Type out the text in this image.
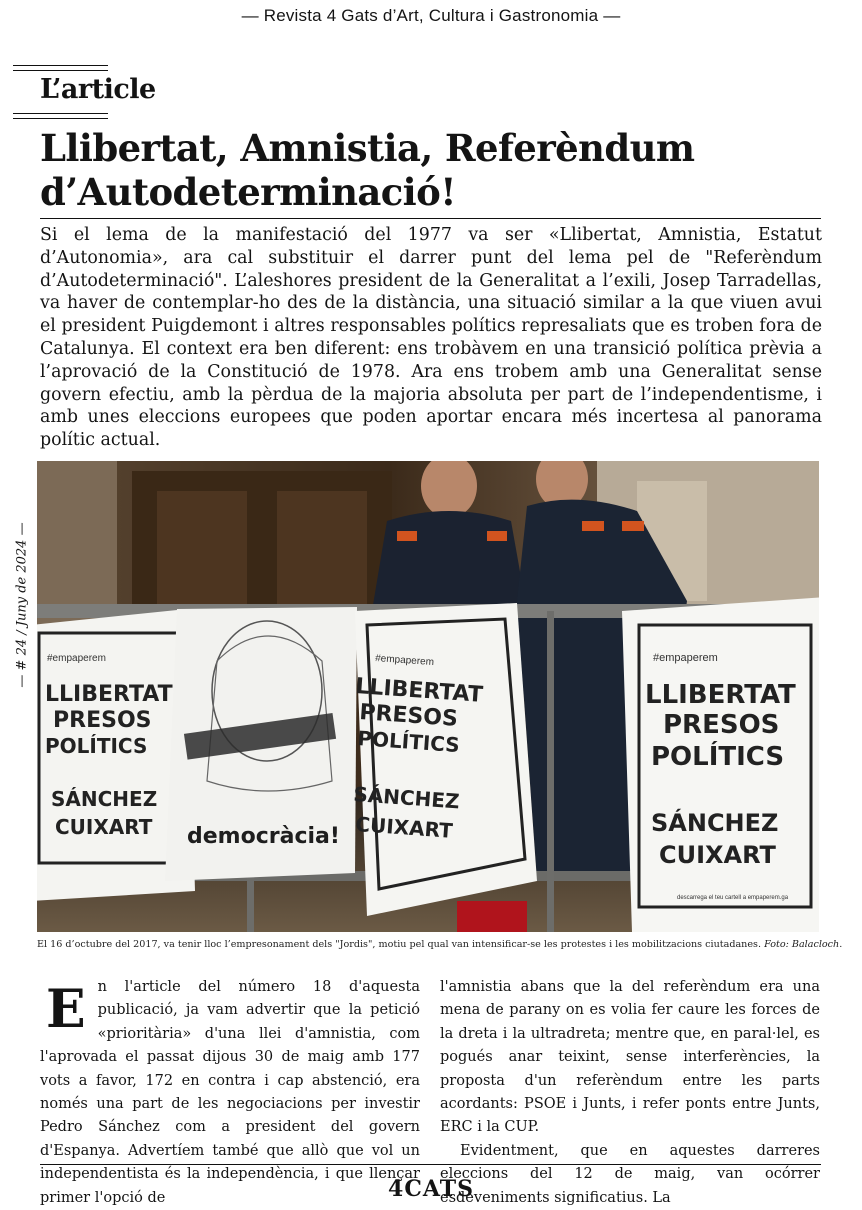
— Revista 4 Gats d’Art, Cultura i Gastronomia —
L’article
Llibertat, Amnistia, Referèndum d’Autodeterminació!

Si el lema de la manifestació del 1977 va ser «Llibertat, Amnistia, Estatut d’Autonomia», ara cal substituir el darrer punt del lema pel de "Referèndum d’Autodeterminació". L’aleshores president de la Generalitat a l’exili, Josep Tarradellas, va haver de contemplar-ho des de la distància, una situació similar a la que viuen avui el president Puigdemont i altres responsables polítics represaliats que es troben fora de Catalunya. El context era ben diferent: ens trobàvem en una transició política prèvia a l’aprovació de la Constitució de 1978. Ara ens trobem amb una Generalitat sense govern efectiu, amb la pèrdua de la majoria absoluta per part de l’independentisme, i amb unes eleccions europees que poden aportar encara més incertesa al panorama polític actual.

— # 24 / Juny de 2024 — #empaperem
LLIBERTAT
PRESOS
POLÍTICS
SÁNCHEZ
CUIXART democràcia!
#empaperem
LLIBERTAT
PRESOS
POLÍTICS
SÁNCHEZ
CUIXART
#empaperem
LLIBERTAT
PRESOS
POLÍTICS
SÁNCHEZ
CUIXART
descarrega el teu cartell a empaperem.ga
El 16 d’octubre del 2017, va tenir lloc l’empresonament dels "Jordis", motiu pel qual van intensificar-se les protestes i les mobilitzacions ciutadanes. Foto: Balacloch.

En l'article del número 18 d'aquesta publicació, ja vam advertir que la petició «prioritària» d'una llei d'amnistia, com l'aprovada el passat dijous 30 de maig amb 177 vots a favor, 172 en contra i cap abstenció, era només una part de les negociacions per investir Pedro Sánchez com a president del govern d'Espanya. Advertíem també que allò que vol un independentista és la independència, i que llençar primer l'opció de

l'amnistia abans que la del referèndum era una mena de parany on es volia fer caure les forces de la dreta i la ultradreta; mentre que, en paral·lel, es pogués anar teixint, sense interferències, la proposta d'un referèndum entre les parts acordants: PSOE i Junts, i refer ponts entre Junts, ERC i la CUP.

Evidentment, que en aquestes darreres eleccions del 12 de maig, van ocórrer esdeveniments significatius. La

4CATS
